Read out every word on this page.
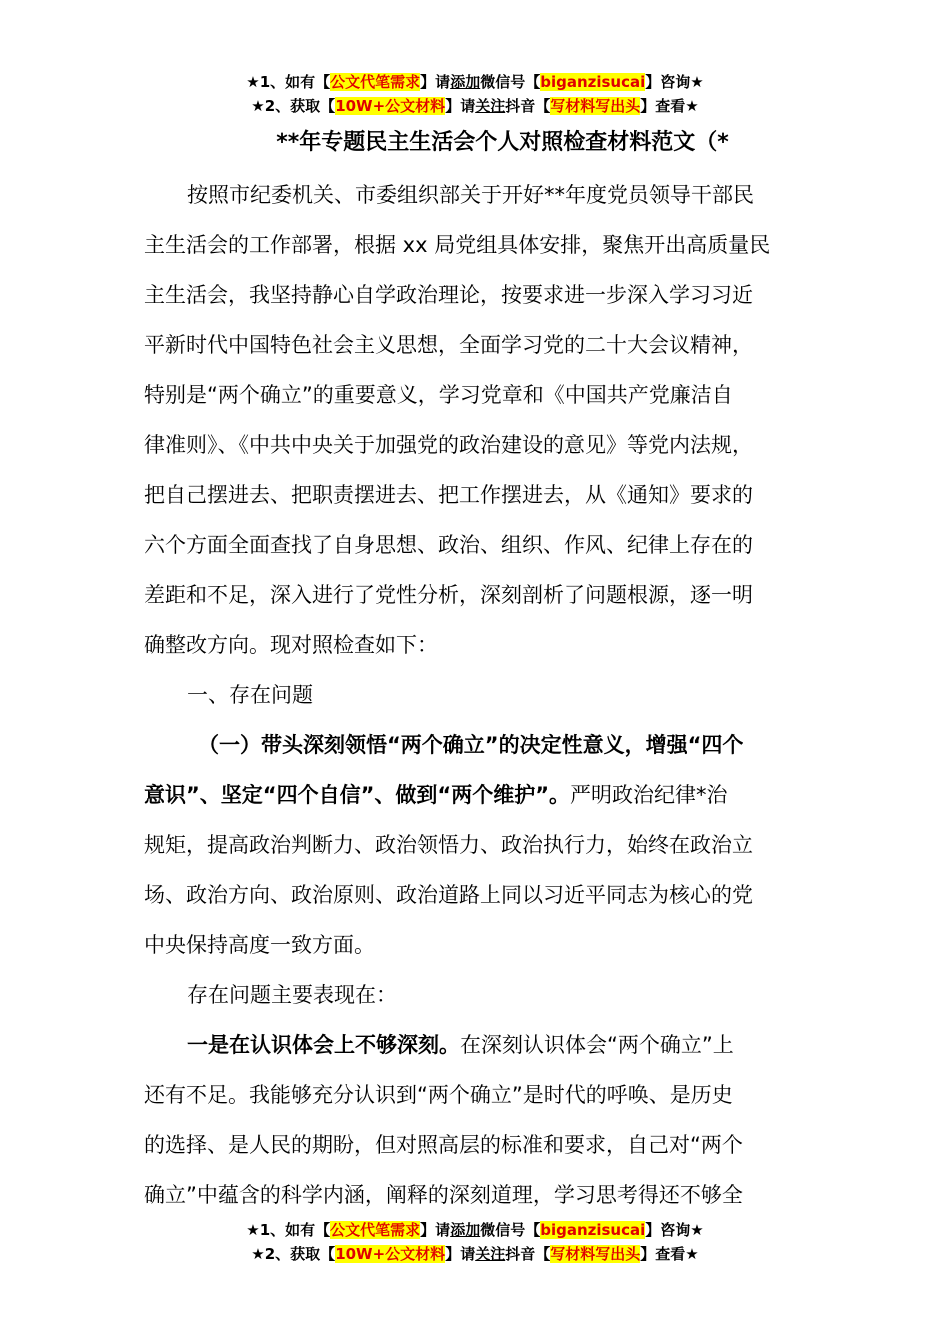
★1、如有【公文代笔需求】请添加微信号【biganzisucai】咨询★
★2、获取【10W+公文材料】请关注抖音【写材料写出头】查看★
**年专题民主生活会个人对照检查材料范文（*
按照市纪委机关、市委组织部关于开好**年度党员领导干部民
主生活会的工作部署，根据 xx 局党组具体安排，聚焦开出高质量民
主生活会，我坚持静心自学政治理论，按要求进一步深入学习习近
平新时代中国特色社会主义思想，全面学习党的二十大会议精神，
特别是“两个确立”的重要意义，学习党章和《中国共产党廉洁自
律准则》、《中共中央关于加强党的政治建设的意见》等党内法规，
把自己摆进去、把职责摆进去、把工作摆进去，从《通知》要求的
六个方面全面查找了自身思想、政治、组织、作风、纪律上存在的
差距和不足，深入进行了党性分析，深刻剖析了问题根源，逐一明
确整改方向。现对照检查如下：
一、存在问题
（一）带头深刻领悟“两个确立”的决定性意义，增强“四个
意识”、坚定“四个自信”、做到“两个维护”。严明政治纪律*治
规矩，提高政治判断力、政治领悟力、政治执行力，始终在政治立
场、政治方向、政治原则、政治道路上同以习近平同志为核心的党
中央保持高度一致方面。
存在问题主要表现在：
一是在认识体会上不够深刻。在深刻认识体会“两个确立”上
还有不足。我能够充分认识到“两个确立”是时代的呼唤、是历史
的选择、是人民的期盼，但对照高层的标准和要求，自己对“两个
确立”中蕴含的科学内涵，阐释的深刻道理，学习思考得还不够全
★1、如有【公文代笔需求】请添加微信号【biganzisucai】咨询★
★2、获取【10W+公文材料】请关注抖音【写材料写出头】查看★
